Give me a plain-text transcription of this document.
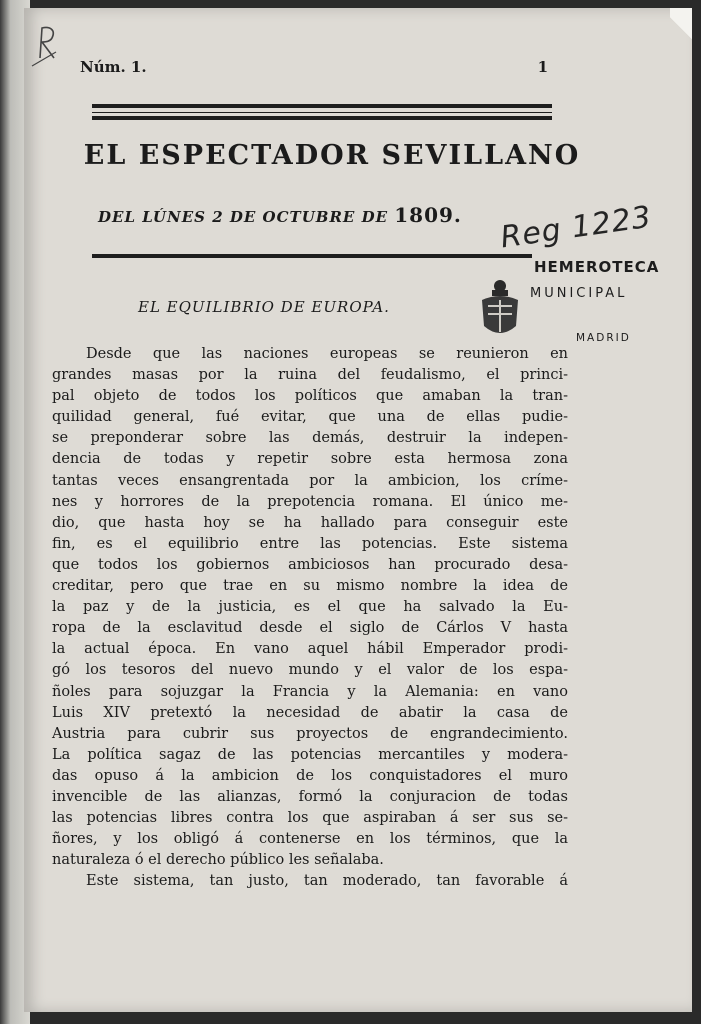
Núm. 1.	1
EL ESPECTADOR SEVILLANO
DEL LÚNES 2 DE OCTUBRE DE 1809.	Reg 1223
HEMEROTECA
MUNICIPAL
MADRID
EL EQUILIBRIO DE EUROPA.

Desde que las naciones europeas se reunieron en
grandes masas por la ruina del feudalismo, el princi-
pal objeto de todos los políticos que amaban la tran-
quilidad general, fué evitar, que una de ellas pudie-
se preponderar sobre las demás, destruir la indepen-
dencia de todas y repetir sobre esta hermosa zona
tantas veces ensangrentada por la ambicion, los críme-
nes y horrores de la prepotencia romana. El único me-
dio, que hasta hoy se ha hallado para conseguir este
fin, es el equilibrio entre las potencias. Este sistema
que todos los gobiernos ambiciosos han procurado desa-
creditar, pero que trae en su mismo nombre la idea de
la paz y de la justicia, es el que ha salvado la Eu-
ropa de la esclavitud desde el siglo de Cárlos V hasta
la actual época. En vano aquel hábil Emperador prodi-
gó los tesoros del nuevo mundo y el valor de los espa-
ñoles para sojuzgar la Francia y la Alemania: en vano
Luis XIV pretextó la necesidad de abatir la casa de
Austria para cubrir sus proyectos de engrandecimiento.
La política sagaz de las potencias mercantiles y modera-
das opuso á la ambicion de los conquistadores el muro
invencible de las alianzas, formó la conjuracion de todas
las potencias libres contra los que aspiraban á ser sus se-
ñores, y los obligó á contenerse en los términos, que la
naturaleza ó el derecho público les señalaba.

Este sistema, tan justo, tan moderado, tan favorable á
